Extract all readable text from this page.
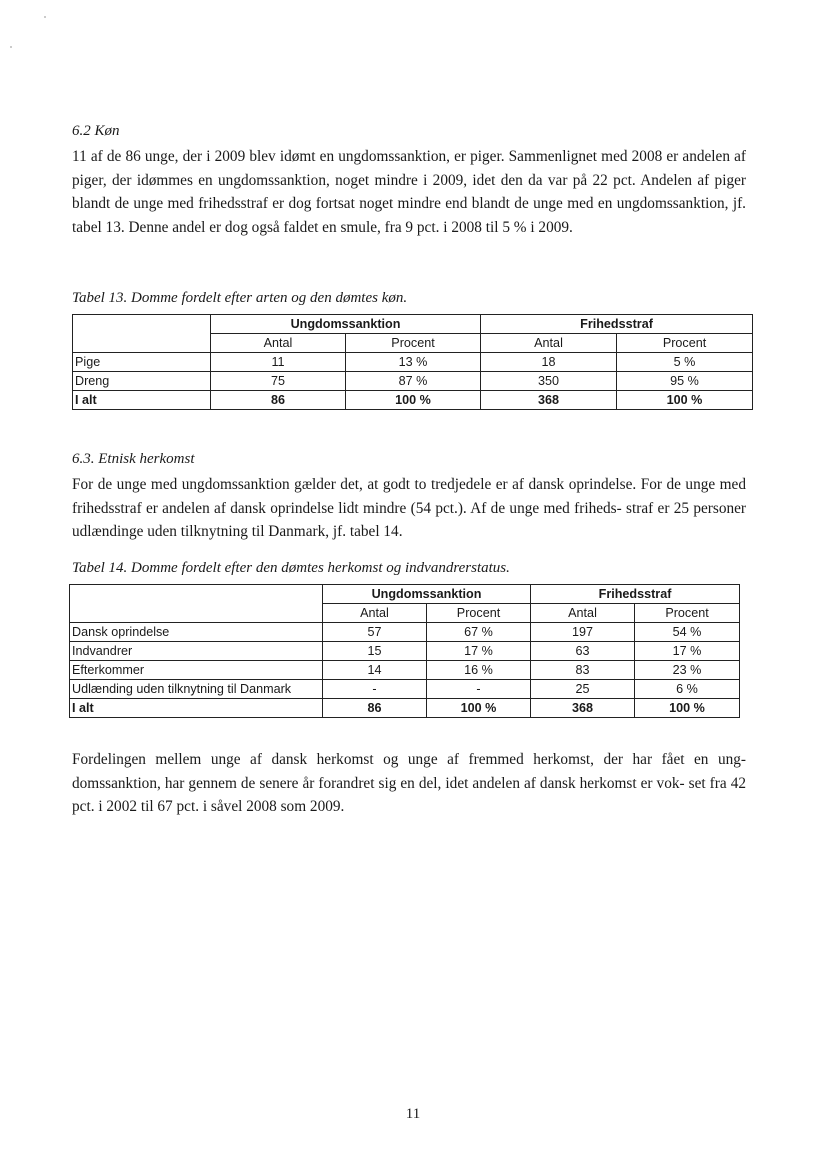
6.2 Køn

11 af de 86 unge, der i 2009 blev idømt en ungdomssanktion, er piger. Sammenlignet med 2008 er andelen af piger, der idømmes en ungdomssanktion, noget mindre i 2009, idet den da var på 22 pct. Andelen af piger blandt de unge med frihedsstraf er dog fortsat noget mindre end blandt de unge med en ungdomssanktion, jf. tabel 13. Denne andel er dog også faldet en smule, fra 9 pct. i 2008 til 5 % i 2009.

Tabel 13. Domme fordelt efter arten og den dømtes køn.

	Ungdomssanktion		Frihedsstraf	
	Antal	Procent	Antal	Procent
Pige	11	13 %	18	5 %
Dreng	75	87 %	350	95 %
I alt	86	100 %	368	100 %

6.3. Etnisk herkomst

For de unge med ungdomssanktion gælder det, at godt to tredjedele er af dansk oprindelse. For de unge med frihedsstraf er andelen af dansk oprindelse lidt mindre (54 pct.). Af de unge med friheds- straf er 25 personer udlændinge uden tilknytning til Danmark, jf. tabel 14.

Tabel 14. Domme fordelt efter den dømtes herkomst og indvandrerstatus.

	Ungdomssanktion		Frihedsstraf	
	Antal	Procent	Antal	Procent
Dansk oprindelse	57	67 %	197	54 %
Indvandrer	15	17 %	63	17 %
Efterkommer	14	16 %	83	23 %
Udlænding uden tilknytning til Danmark	-	-	25	6 %
I alt	86	100 %	368	100 %

Fordelingen mellem unge af dansk herkomst og unge af fremmed herkomst, der har fået en ung- domssanktion, har gennem de senere år forandret sig en del, idet andelen af dansk herkomst er vok- set fra 42 pct. i 2002 til 67 pct. i såvel 2008 som 2009.

11
